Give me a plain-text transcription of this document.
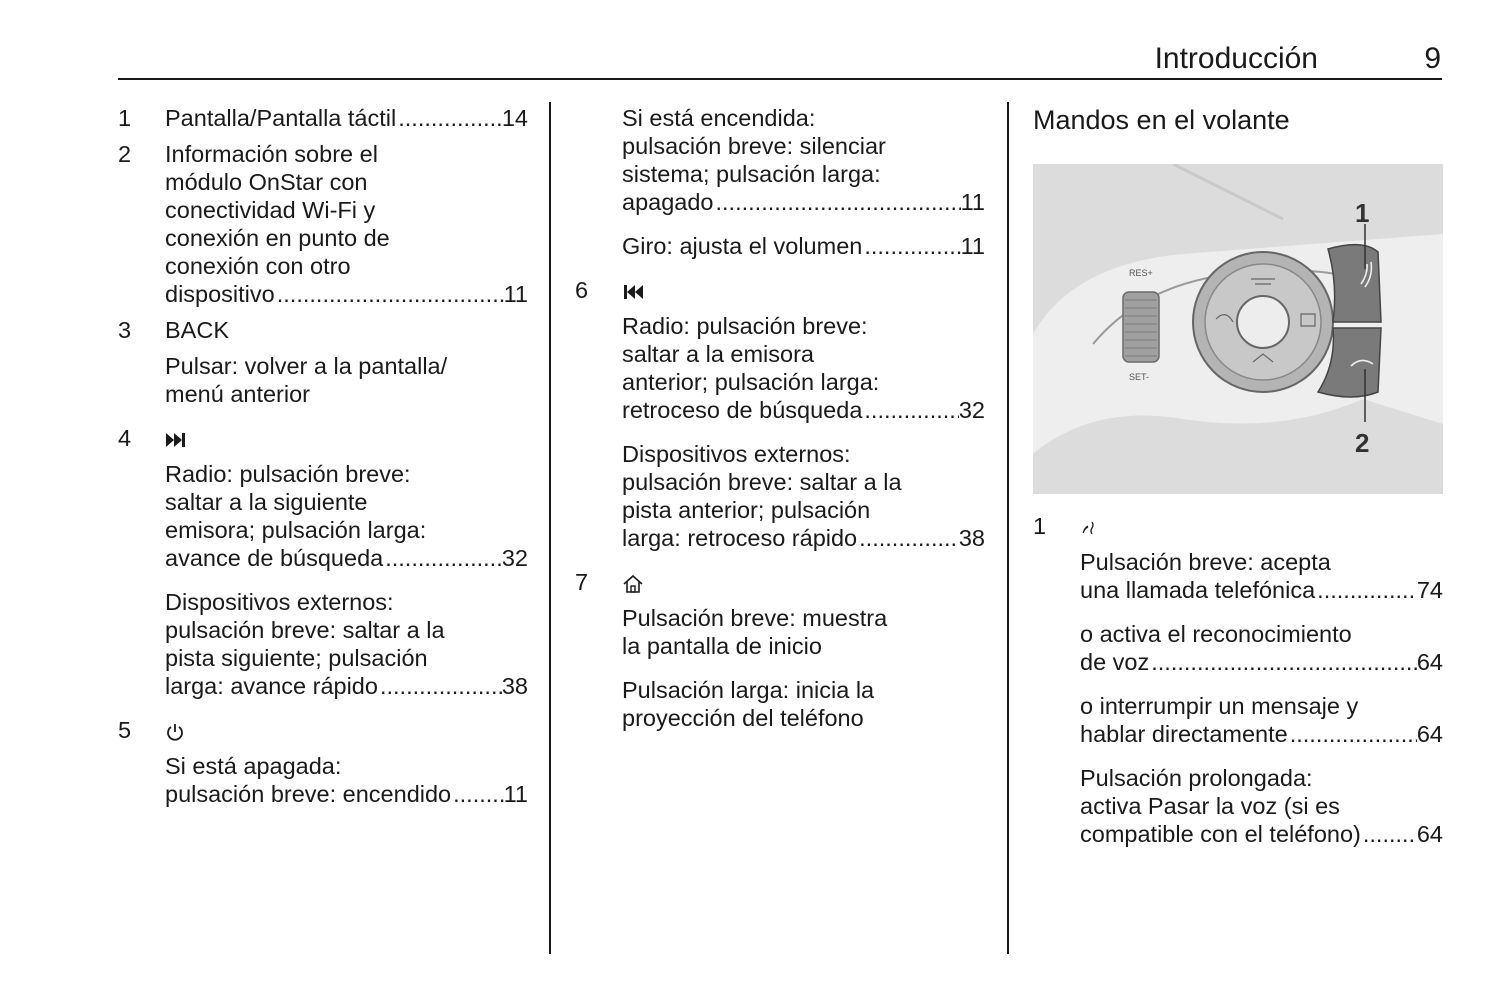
Introducción	9
1 Pantalla/Pantalla táctil .....	14
2 Información sobre el
módulo OnStar con
conectividad Wi-Fi y
conexión en punto de
conexión con otro
dispositivo .....	11
3 BACK
Pulsar: volver a la pantalla/
menú anterior
4
Radio: pulsación breve:
saltar a la siguiente
emisora; pulsación larga:
avance de búsqueda .....	32
Dispositivos externos:
pulsación breve: saltar a la
pista siguiente; pulsación
larga: avance rápido .....	38
5
Si está apagada:
pulsación breve: encendido ..... 11
Si está encendida:
pulsación breve: silenciar
sistema; pulsación larga:
apagado .....	11
Giro: ajusta el volumen .....	11
6
Radio: pulsación breve:
saltar a la emisora
anterior; pulsación larga:
retroceso de búsqueda .....	32
Dispositivos externos:
pulsación breve: saltar a la
pista anterior; pulsación
larga: retroceso rápido .....	38
7
Pulsación breve: muestra
la pantalla de inicio
Pulsación larga: inicia la
proyección del teléfono
Mandos en el volante
RES+
SET-
1
2
1
Pulsación breve: acepta
una llamada telefónica .....	74
o activa el reconocimiento
de voz .....	64
o interrumpir un mensaje y
hablar directamente .....	64
Pulsación prolongada:
activa Pasar la voz (si es
compatible con el teléfono) ..... 64
